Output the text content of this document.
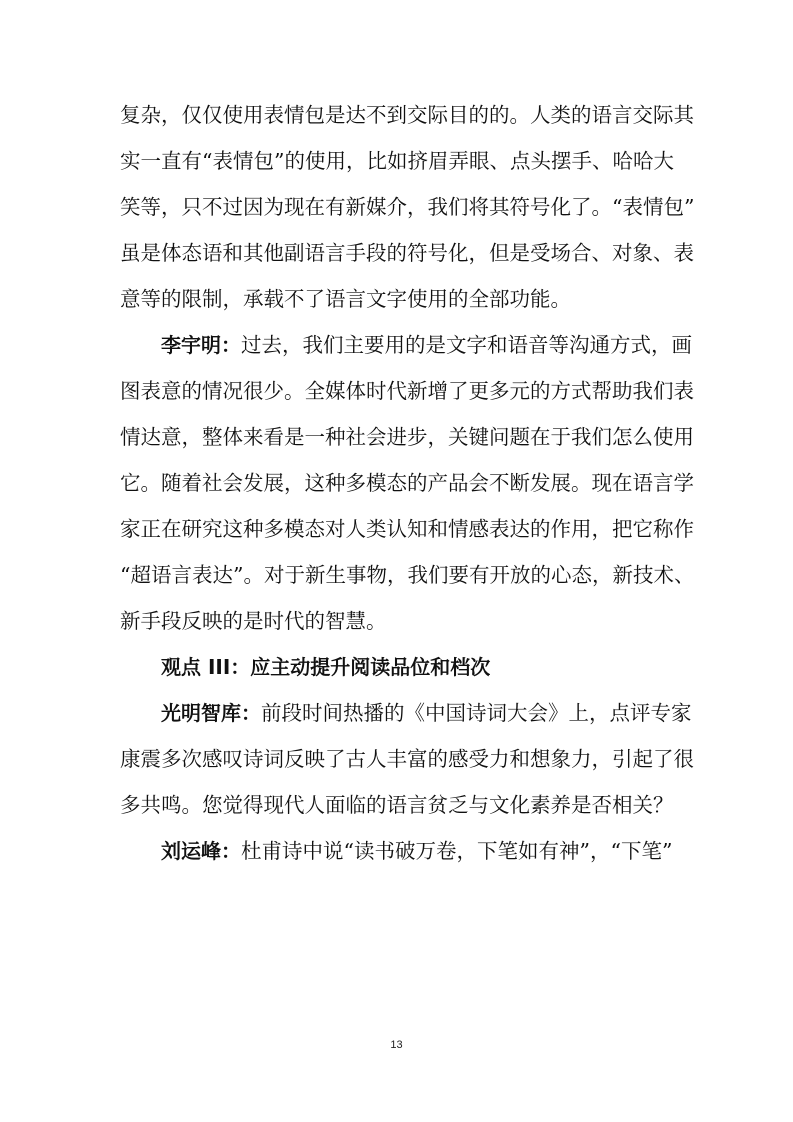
复杂，仅仅使用表情包是达不到交际目的的。人类的语言交际其
实一直有“表情包”的使用，比如挤眉弄眼、点头摆手、哈哈大
笑等，只不过因为现在有新媒介，我们将其符号化了。“表情包”
虽是体态语和其他副语言手段的符号化，但是受场合、对象、表
意等的限制，承载不了语言文字使用的全部功能。
李宇明：过去，我们主要用的是文字和语音等沟通方式，画
图表意的情况很少。全媒体时代新增了更多元的方式帮助我们表
情达意，整体来看是一种社会进步，关键问题在于我们怎么使用
它。随着社会发展，这种多模态的产品会不断发展。现在语言学
家正在研究这种多模态对人类认知和情感表达的作用，把它称作
“超语言表达”。对于新生事物，我们要有开放的心态，新技术、
新手段反映的是时代的智慧。
观点 III：应主动提升阅读品位和档次
光明智库：前段时间热播的《中国诗词大会》上，点评专家
康震多次感叹诗词反映了古人丰富的感受力和想象力，引起了很
多共鸣。您觉得现代人面临的语言贫乏与文化素养是否相关？
刘运峰：杜甫诗中说“读书破万卷，下笔如有神”，“下笔”
13
